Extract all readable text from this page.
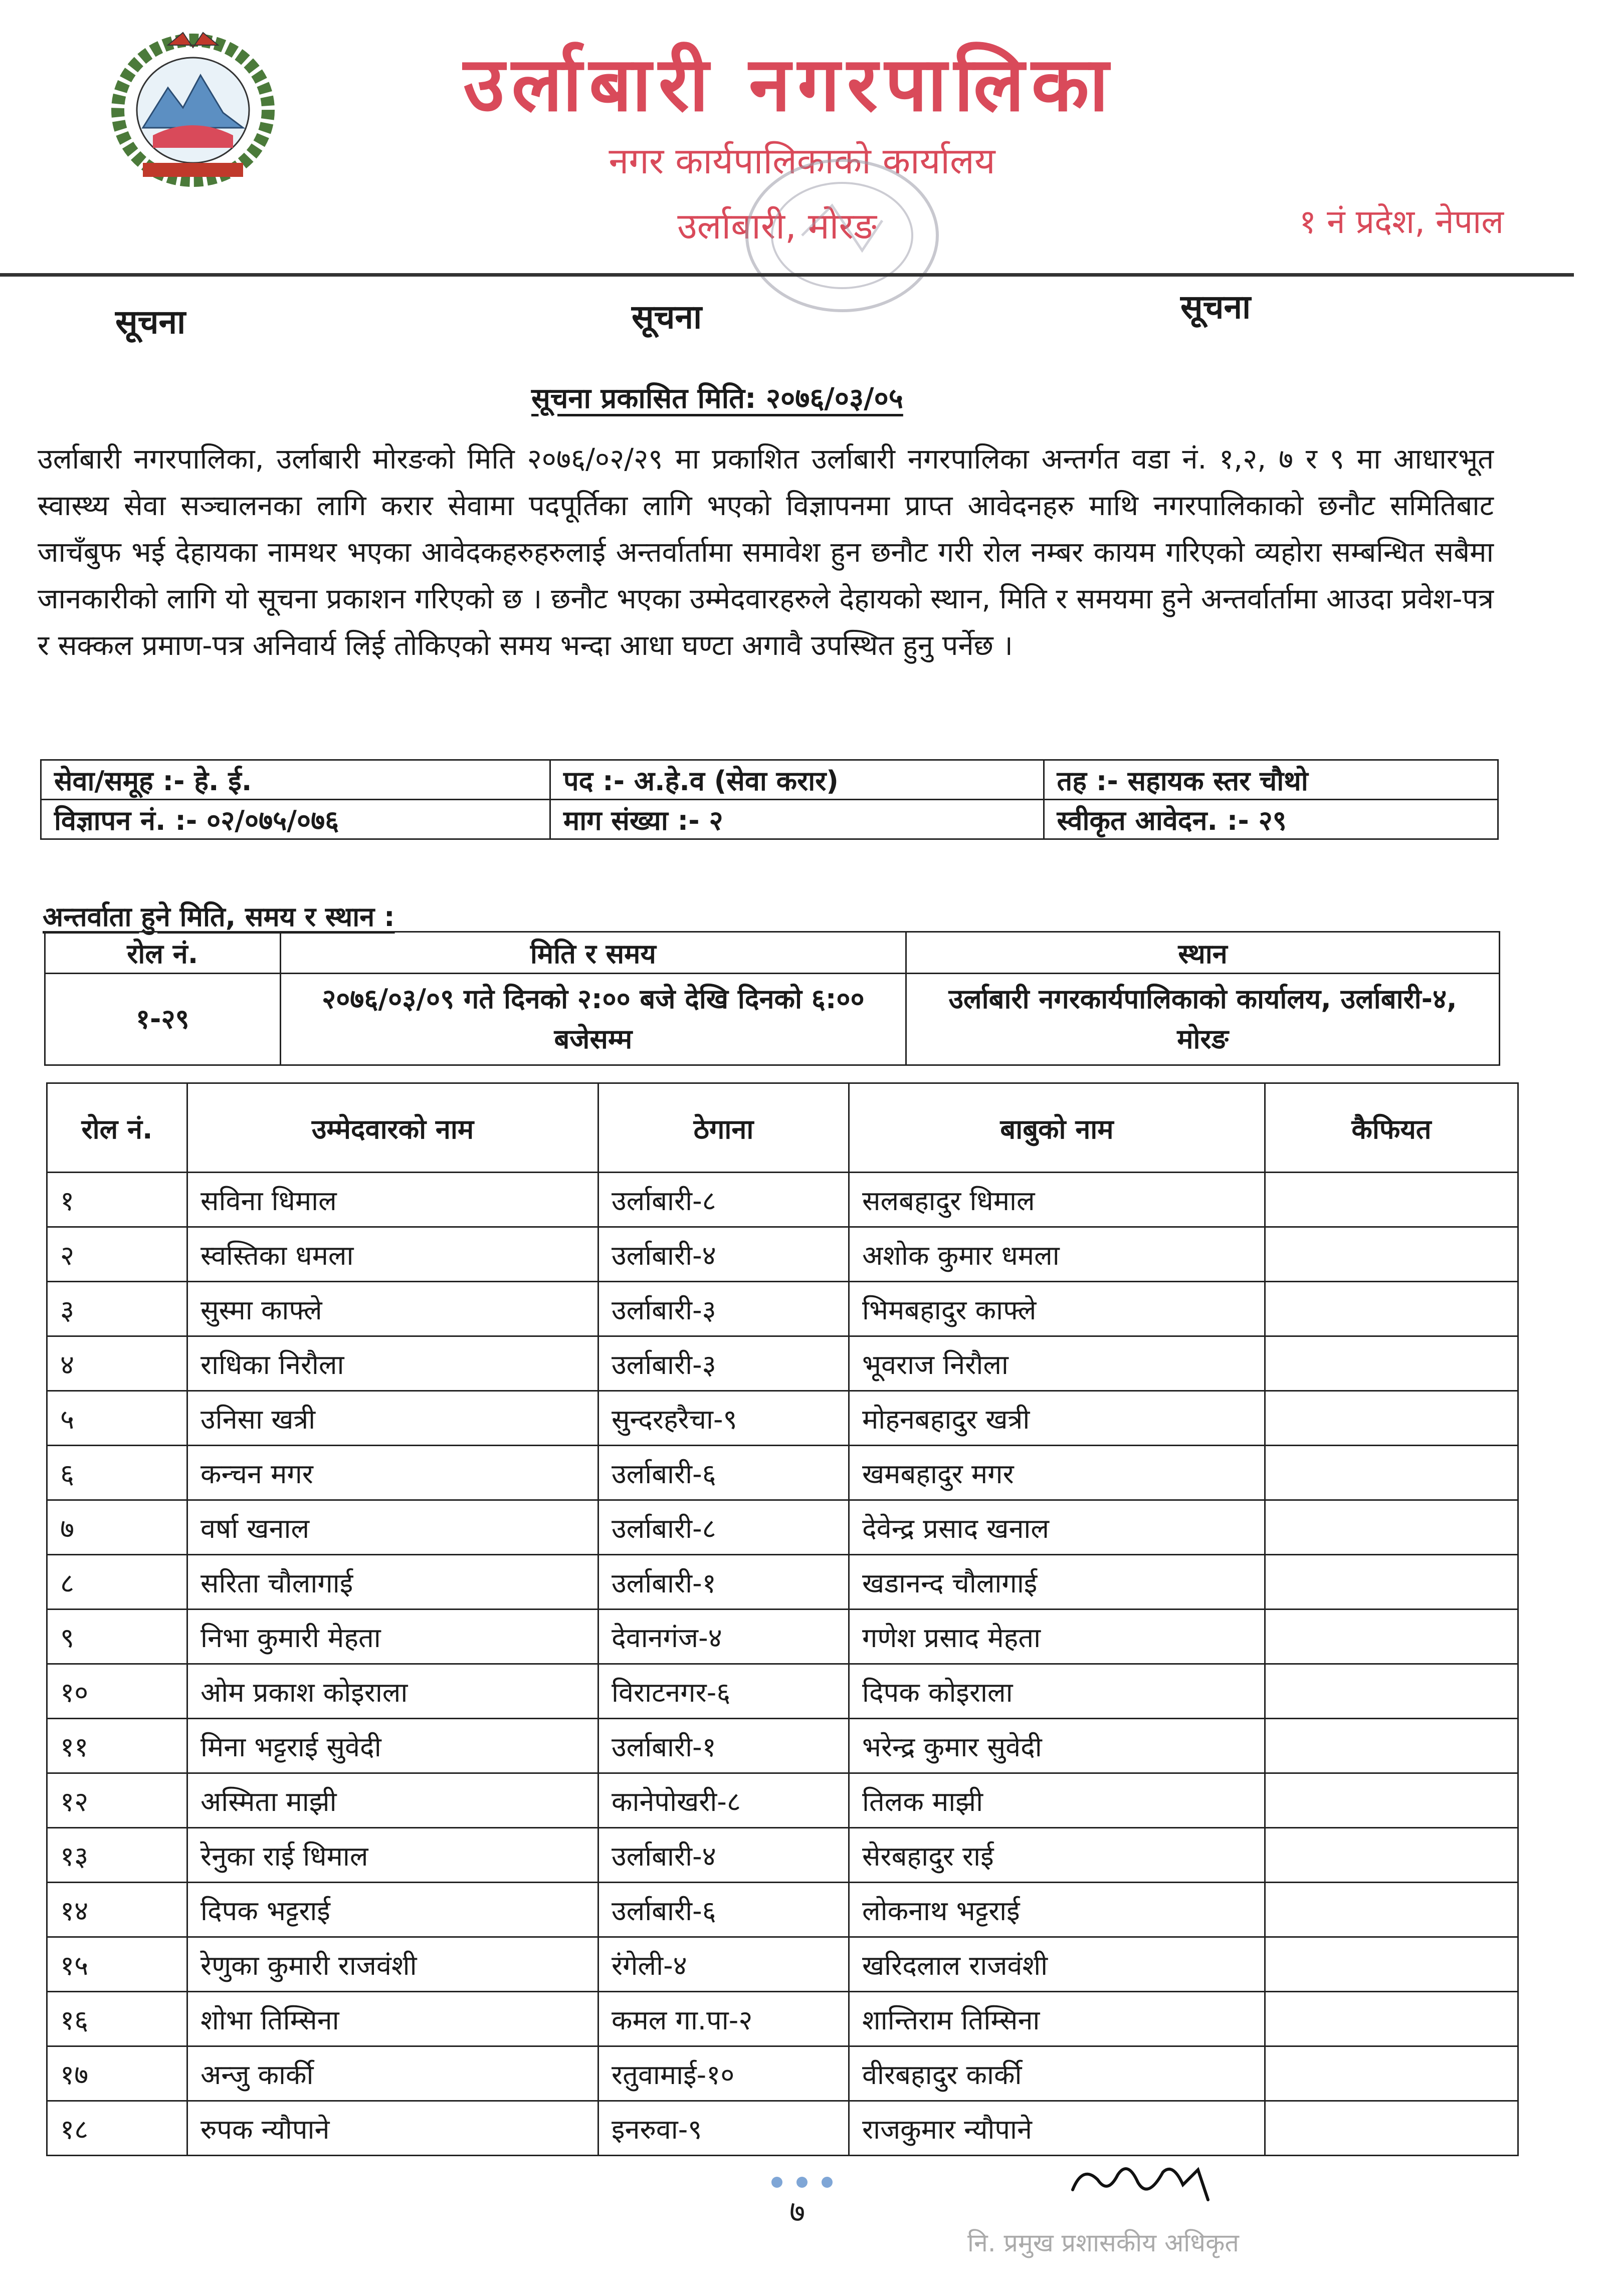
उर्लाबारी नगरपालिका
नगर कार्यपालिकाको कार्यालय
उर्लाबारी, मोरङ	१ नं प्रदेश, नेपाल
सूचना	सूचना	सूचना
सूचना प्रकासित मिति: २०७६/०३/०५
उर्लाबारी नगरपालिका, उर्लाबारी मोरङको मिति २०७६/०२/२९ मा प्रकाशित उर्लाबारी नगरपालिका अन्तर्गत वडा नं. १,२, ७ र ९ मा आधारभूत स्वास्थ्य सेवा सञ्चालनका लागि करार सेवामा पदपूर्तिका लागि भएको विज्ञापनमा प्राप्त आवेदनहरु माथि नगरपालिकाको छनौट समितिबाट जाचँबुफ भई देहायका नामथर भएका आवेदकहरुहरुलाई अन्तर्वार्तामा समावेश हुन छनौट गरी रोल नम्बर कायम गरिएको व्यहोरा सम्बन्धित सबैमा जानकारीको लागि यो सूचना प्रकाशन गरिएको छ । छनौट भएका उम्मेदवारहरुले देहायको स्थान, मिति र समयमा हुने अन्तर्वार्तामा आउदा प्रवेश-पत्र र सक्कल प्रमाण-पत्र अनिवार्य लिई तोकिएको समय भन्दा आधा घण्टा अगावै उपस्थित हुनु पर्नेछ ।
सेवा/समूह :- हे. ई.	पद :- अ.हे.व (सेवा करार)	तह :- सहायक स्तर चौथो
विज्ञापन नं. :- ०२/०७५/०७६	माग संख्या :- २	स्वीकृत आवेदन. :- २९
अन्तर्वाता हुने मिति, समय र स्थान :
रोल नं.	मिति र समय	स्थान
१-२९	२०७६/०३/०९ गते दिनको २:०० बजे देखि दिनको ६:०० बजेसम्म	उर्लाबारी नगरकार्यपालिकाको कार्यालय, उर्लाबारी-४, मोरङ
रोल नं.	उम्मेदवारको नाम	ठेगाना	बाबुको नाम	कैफियत
१	सविना धिमाल	उर्लाबारी-८	सलबहादुर धिमाल	
२	स्वस्तिका धमला	उर्लाबारी-४	अशोक कुमार धमला	
३	सुस्मा काफ्ले	उर्लाबारी-३	भिमबहादुर काफ्ले	
४	राधिका निरौला	उर्लाबारी-३	भूवराज निरौला	
५	उनिसा खत्री	सुन्दरहरैचा-९	मोहनबहादुर खत्री	
६	कन्चन मगर	उर्लाबारी-६	खमबहादुर मगर	
७	वर्षा खनाल	उर्लाबारी-८	देवेन्द्र प्रसाद खनाल	
८	सरिता चौलागाई	उर्लाबारी-१	खडानन्द चौलागाई	
९	निभा कुमारी मेहता	देवानगंज-४	गणेश प्रसाद मेहता	
१०	ओम प्रकाश कोइराला	विराटनगर-६	दिपक कोइराला	
११	मिना भट्टराई सुवेदी	उर्लाबारी-१	भरेन्द्र कुमार सुवेदी	
१२	अस्मिता माझी	कानेपोखरी-८	तिलक माझी	
१३	रेनुका राई धिमाल	उर्लाबारी-४	सेरबहादुर राई	
१४	दिपक भट्टराई	उर्लाबारी-६	लोकनाथ भट्टराई	
१५	रेणुका कुमारी राजवंशी	रंगेली-४	खरिदलाल राजवंशी	
१६	शोभा तिम्सिना	कमल गा.पा-२	शान्तिराम तिम्सिना	
१७	अन्जु कार्की	रतुवामाई-१०	वीरबहादुर कार्की	
१८	रुपक न्यौपाने	इनरुवा-९	राजकुमार न्यौपाने	
७
नि. प्रमुख प्रशासकीय अधिकृत
